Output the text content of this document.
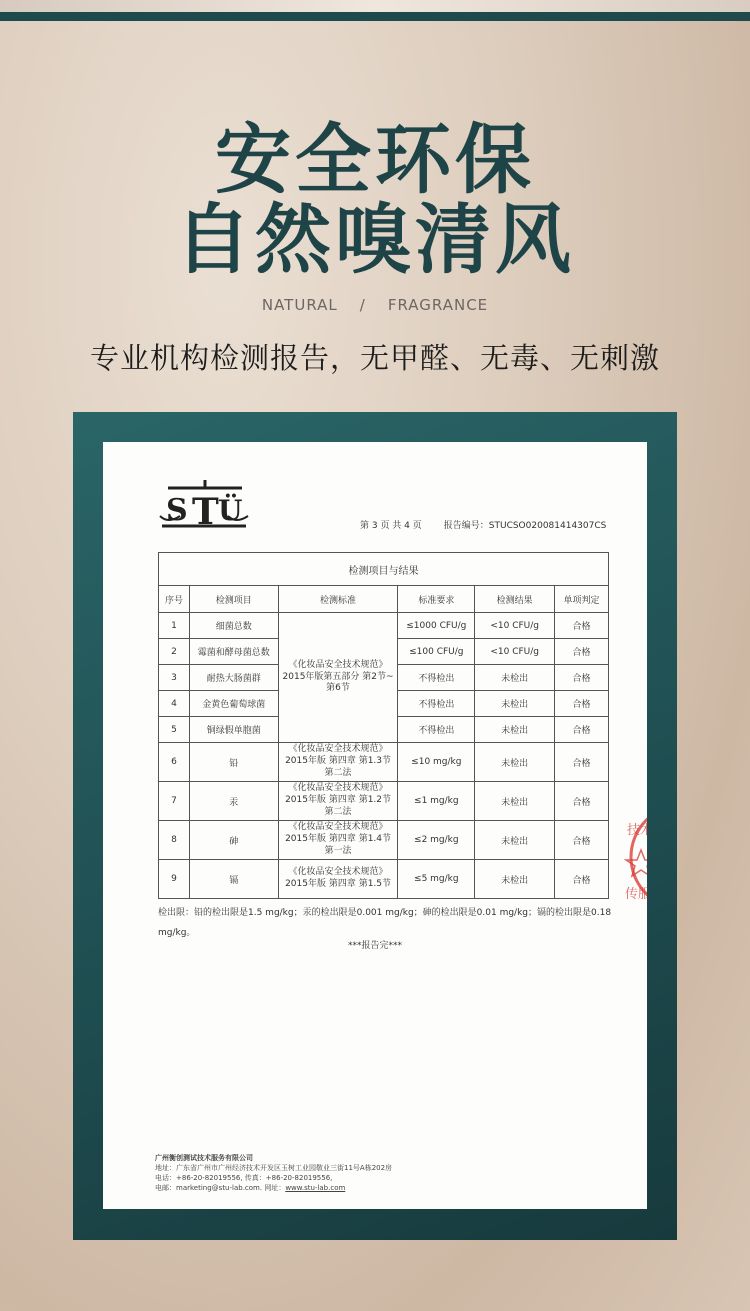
安全环保
自然嗅清风
NATURAL / FRAGRANCE
专业机构检测报告，无甲醛、无毒、无刺激
S T Ü	第 3 页 共 4 页 报告编号：STUCSO020081414307CS
检测项目与结果					
序号	检测项目	检测标准	标准要求	检测结果	单项判定
1	细菌总数	《化妆品安全技术规范》2015年版第五部分 第2节~第6节	≤1000 CFU/g	<10 CFU/g	合格
2	霉菌和酵母菌总数		≤100 CFU/g	<10 CFU/g	合格
3	耐热大肠菌群		不得检出	未检出	合格
4	金黄色葡萄球菌		不得检出	未检出	合格
5	铜绿假单胞菌		不得检出	未检出	合格
6	铅	《化妆品安全技术规范》2015年版 第四章 第1.3节 第二法	≤10 mg/kg	未检出	合格
7	汞	《化妆品安全技术规范》2015年版 第四章 第1.2节 第二法	≤1 mg/kg	未检出	合格
8	砷	《化妆品安全技术规范》2015年版 第四章 第1.4节 第一法	≤2 mg/kg	未检出	合格
9	镉	《化妆品安全技术规范》2015年版 第四章 第1.5节	≤5 mg/kg	未检出	合格
检出限：铅的检出限是1.5 mg/kg；汞的检出限是0.001 mg/kg；砷的检出限是0.01 mg/kg；镉的检出限是0.18 mg/kg。
***报告完***
技术
传服
广州衡创测试技术服务有限公司
地址：广东省广州市广州经济技术开发区玉树工业园敬业三街11号A栋202房
电话：+86-20-82019556, 传真：+86-20-82019556,
电邮：marketing@stu-lab.com. 网址：www.stu-lab.com
